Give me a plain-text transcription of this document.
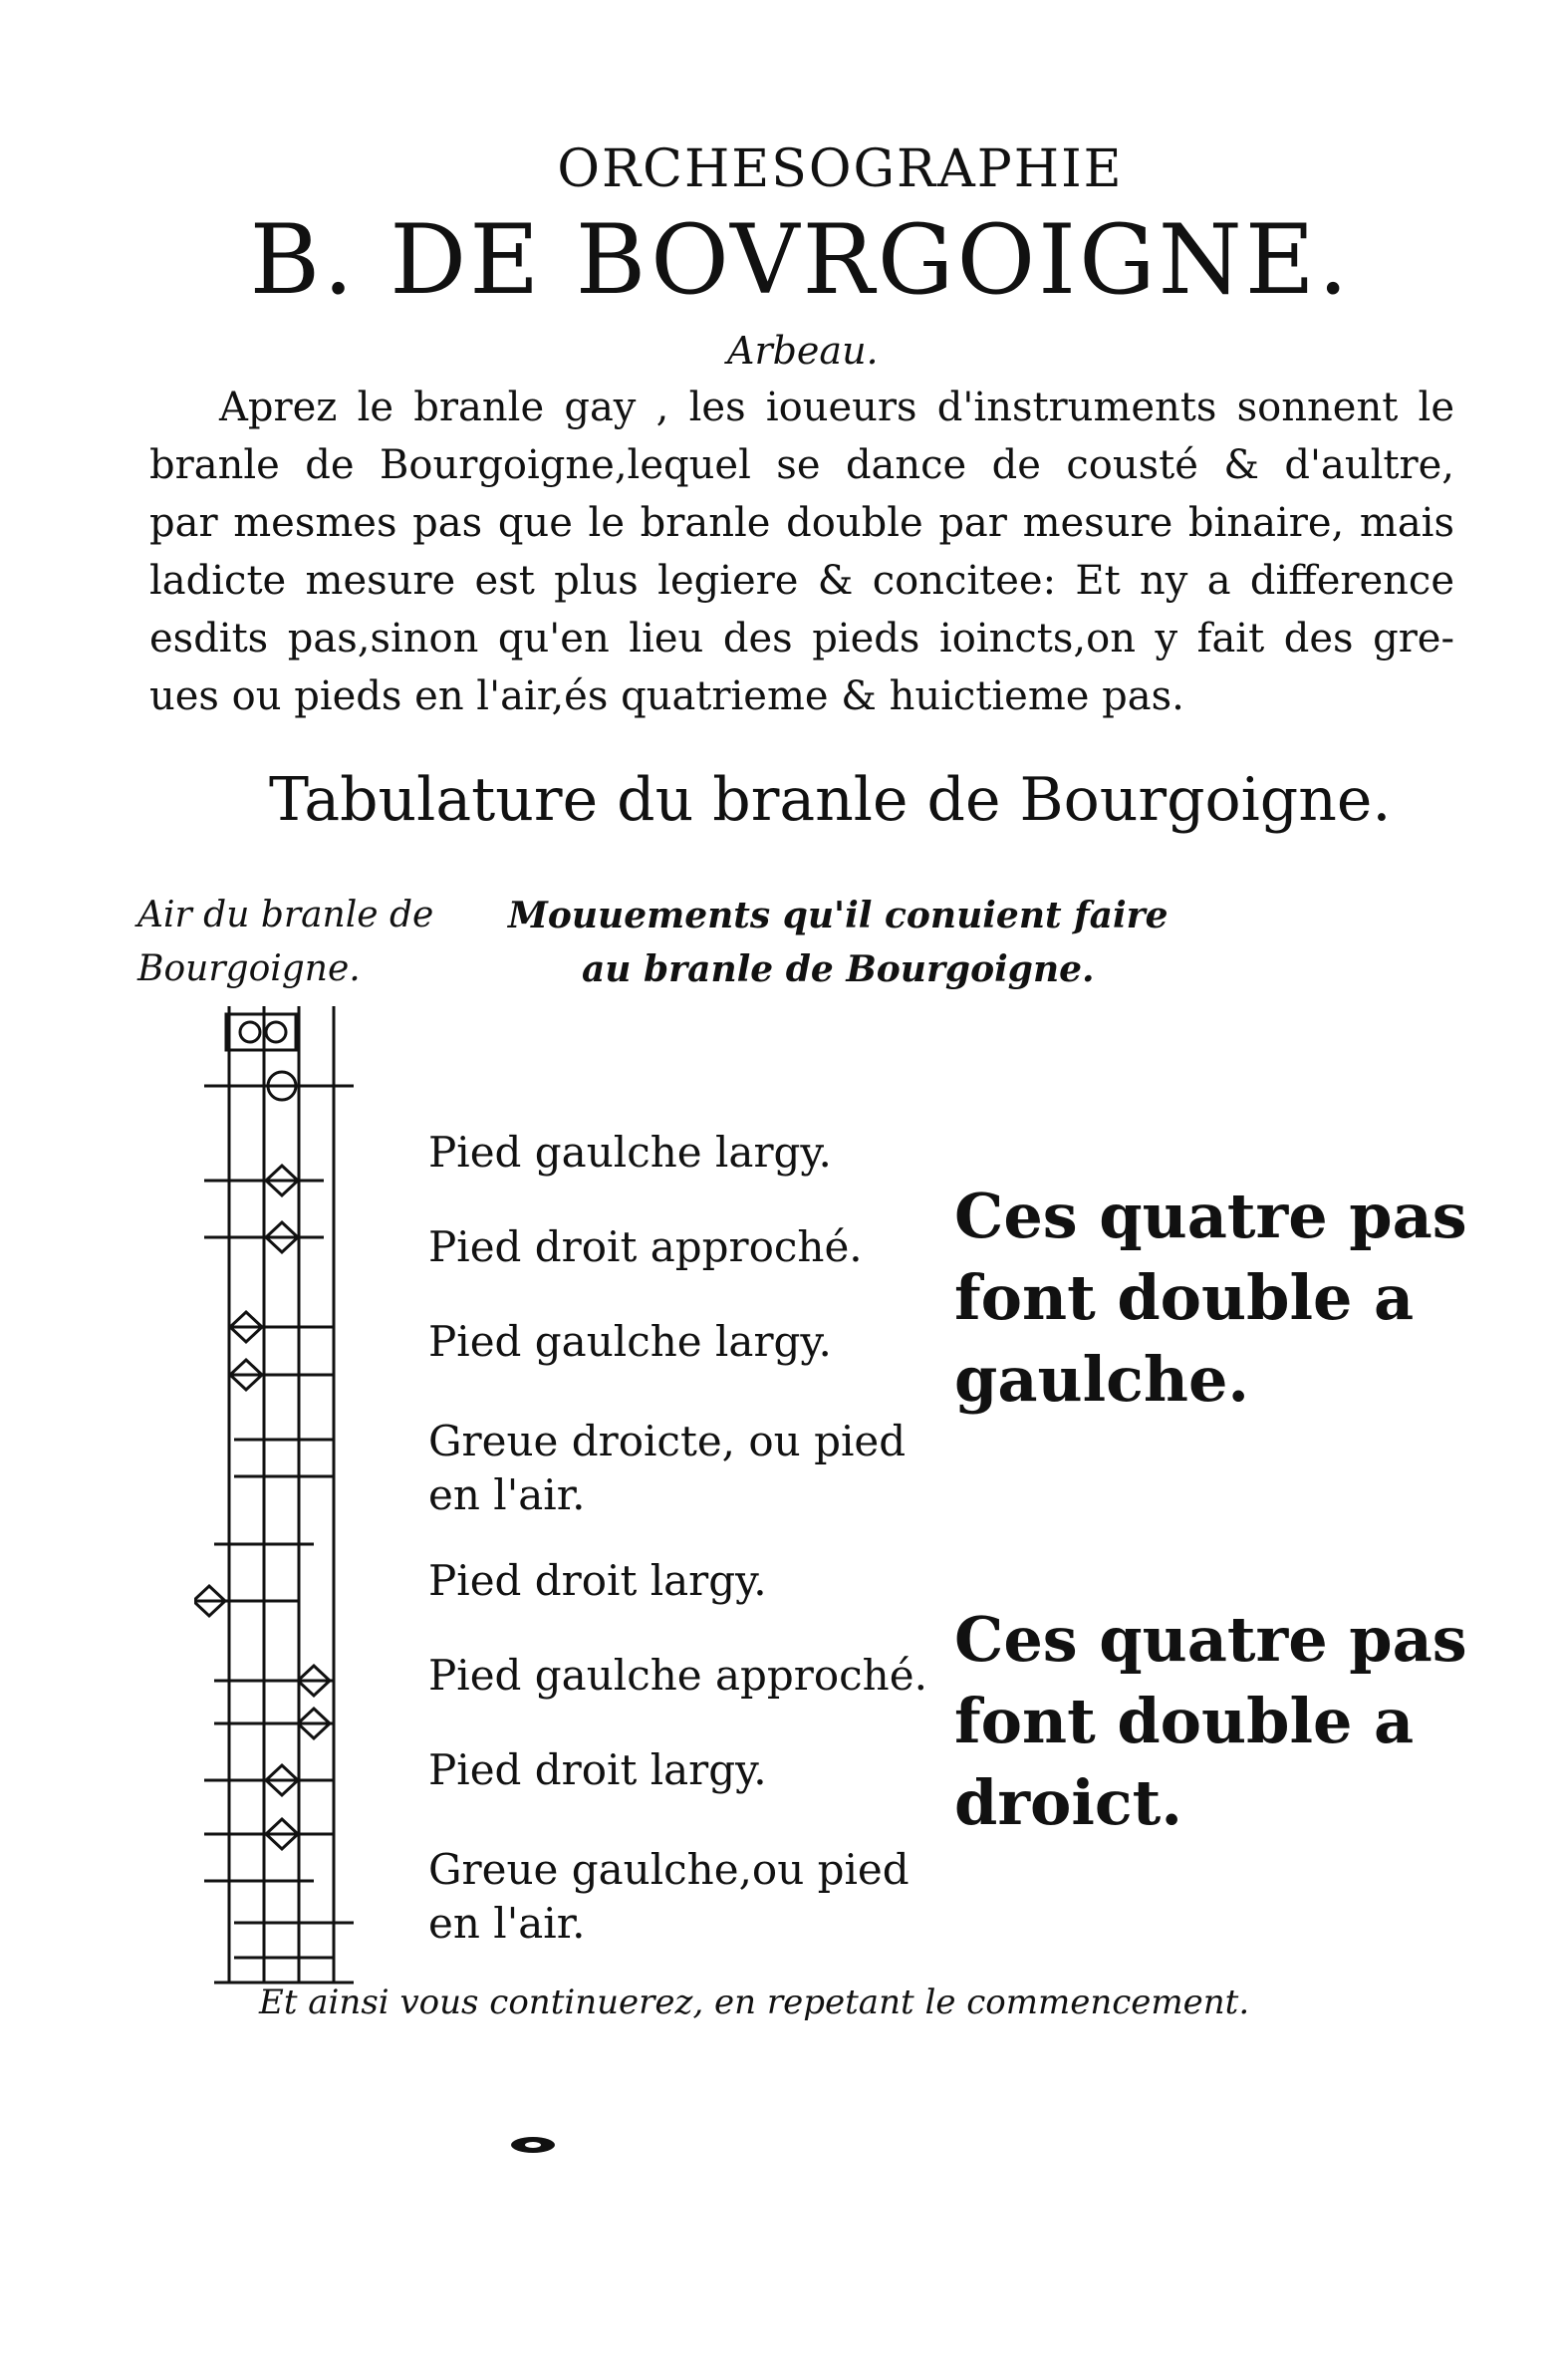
ORCHESOGRAPHIE
B. DE BOVRGOIGNE.
Arbeau.
Aprez le branle gay , les ioueurs d'instruments sonnent le
branle de Bourgoigne,lequel se dance de cousté & d'aultre,
par mesmes pas que le branle double par mesure binaire, mais
ladicte mesure est plus legiere & concitee: Et ny a difference
esdits pas,sinon qu'en lieu des pieds ioincts,on y fait des gre-
ues ou pieds en l'air,és quatrieme & huictieme pas.
Tabulature du branle de Bourgoigne.
Air du branle de
Bourgoigne.
Mouuements qu'il conuient faire
au branle de Bourgoigne.
Pied gaulche largy.
Pied droit approché.
Pied gaulche largy.
Greue droicte, ou pied
en l'air.
Pied droit largy.
Pied gaulche approché.
Pied droit largy.
Greue gaulche,ou pied
en l'air.
Ces quatre pas
font double a
gaulche.
Ces quatre pas
font double a
droict.
Et ainsi vous continuerez, en repetant le commencement.
